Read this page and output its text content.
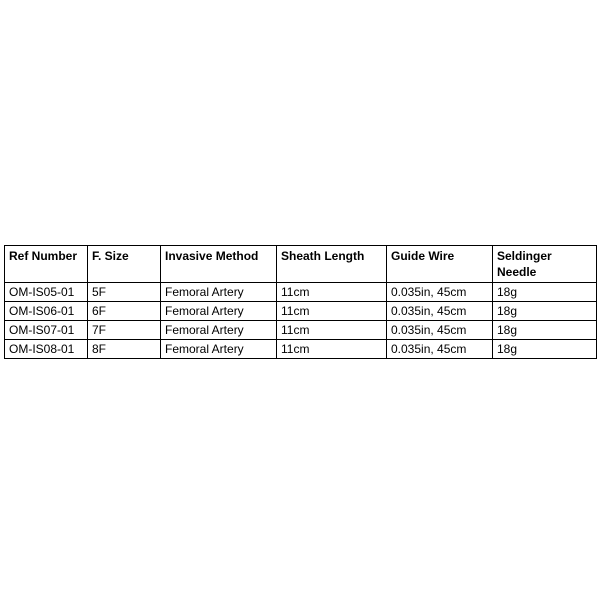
Ref Number	F. Size	Invasive Method	Sheath Length	Guide Wire	Seldinger Needle
OM-IS05-01	5F	Femoral Artery	11cm	0.035in, 45cm	18g
OM-IS06-01	6F	Femoral Artery	11cm	0.035in, 45cm	18g
OM-IS07-01	7F	Femoral Artery	11cm	0.035in, 45cm	18g
OM-IS08-01	8F	Femoral Artery	11cm	0.035in, 45cm	18g
